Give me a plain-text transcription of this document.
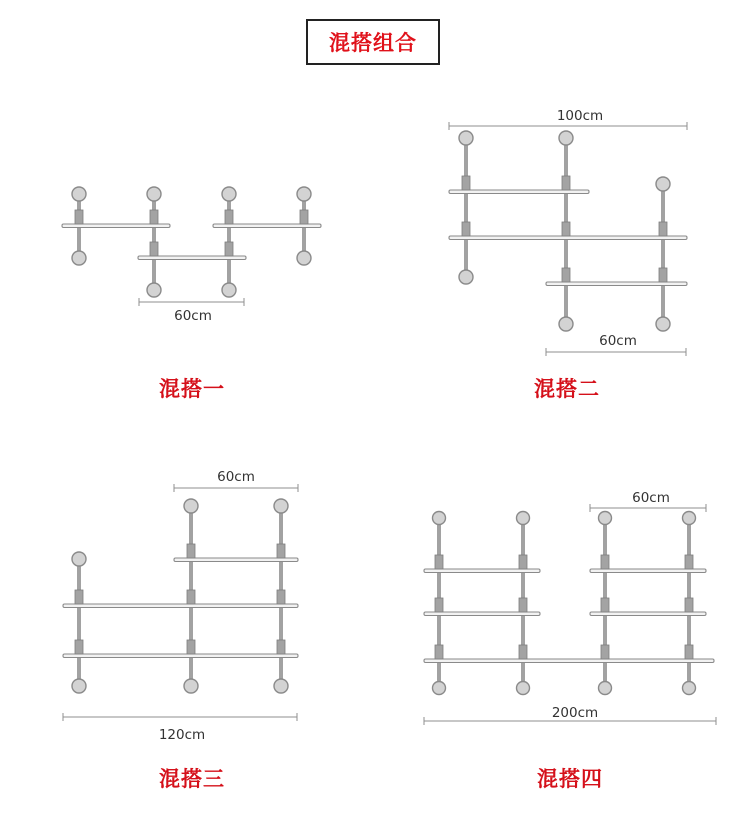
混搭组合
60cm
100cm
60cm
60cm
120cm
60cm
200cm
混搭一	混搭二
混搭三	混搭四
